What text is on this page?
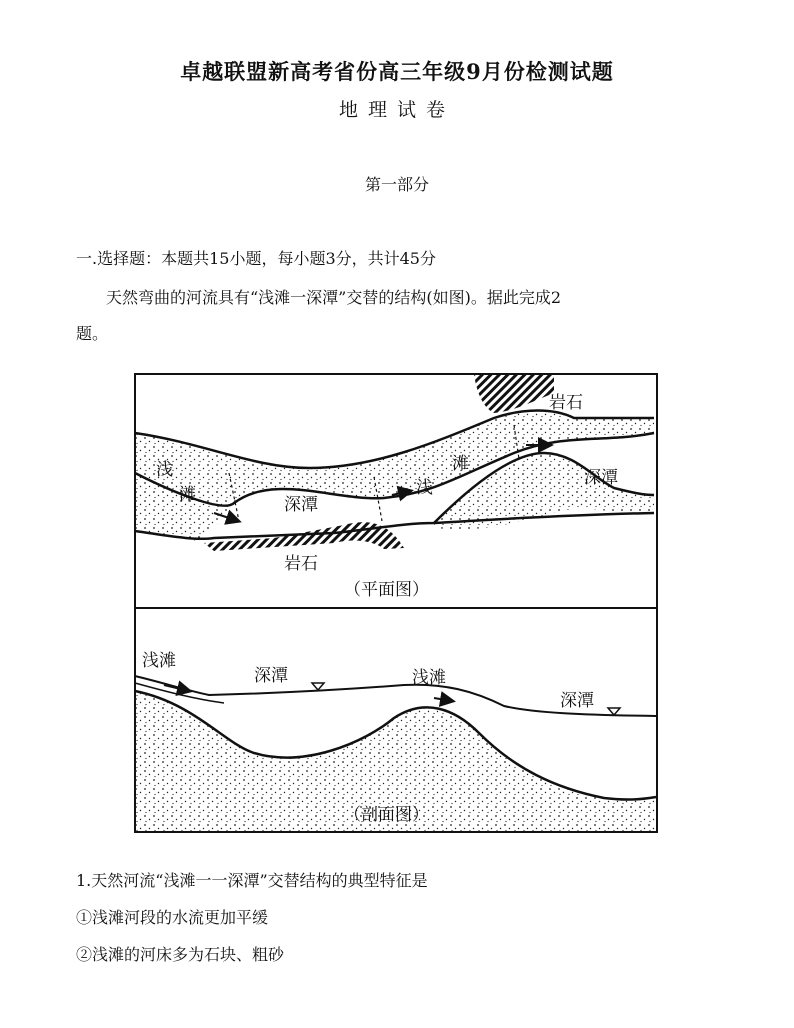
卓越联盟新高考省份高三年级9月份检测试题
地理试卷
第一部分
一.选择题：本题共15小题，每小题3分，共计45分
天然弯曲的河流具有“浅滩一深潭”交替的结构(如图)。据此完成2
题。
岩石
浅
滩	深潭
浅
滩
深潭
岩石
（平面图）
浅滩
深潭	浅滩
深潭
（剖面图）
1.天然河流“浅滩一一深潭”交替结构的典型特征是
①浅滩河段的水流更加平缓
②浅滩的河床多为石块、粗砂
